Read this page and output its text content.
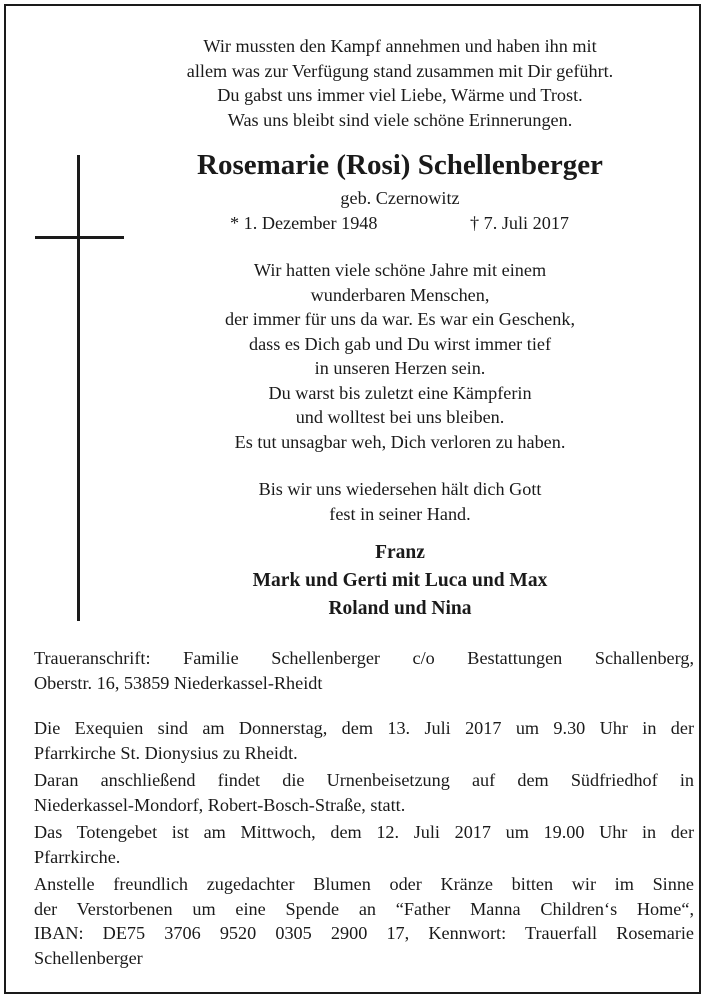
Wir mussten den Kampf annehmen und haben ihn mit
allem was zur Verfügung stand zusammen mit Dir geführt.
Du gabst uns immer viel Liebe, Wärme und Trost.
Was uns bleibt sind viele schöne Erinnerungen.
Rosemarie (Rosi) Schellenberger
geb. Czernowitz
* 1. Dezember 1948	† 7. Juli 2017
Wir hatten viele schöne Jahre mit einem
wunderbaren Menschen,
der immer für uns da war. Es war ein Geschenk,
dass es Dich gab und Du wirst immer tief
in unseren Herzen sein.
Du warst bis zuletzt eine Kämpferin
und wolltest bei uns bleiben.
Es tut unsagbar weh, Dich verloren zu haben.
Bis wir uns wiedersehen hält dich Gott
fest in seiner Hand.
Franz
Mark und Gerti mit Luca und Max
Roland und Nina
Traueranschrift: Familie Schellenberger c/o Bestattungen Schallenberg,
Oberstr. 16, 53859 Niederkassel-Rheidt
Die Exequien sind am Donnerstag, dem 13. Juli 2017 um 9.30 Uhr in der
Pfarrkirche St. Dionysius zu Rheidt.
Daran anschließend findet die Urnenbeisetzung auf dem Südfriedhof in
Niederkassel-Mondorf, Robert-Bosch-Straße, statt.
Das Totengebet ist am Mittwoch, dem 12. Juli 2017 um 19.00 Uhr in der
Pfarrkirche.
Anstelle freundlich zugedachter Blumen oder Kränze bitten wir im Sinne
der Verstorbenen um eine Spende an “Father Manna Children‘s Home“,
IBAN: DE75 3706 9520 0305 2900 17, Kennwort: Trauerfall Rosemarie
Schellenberger
